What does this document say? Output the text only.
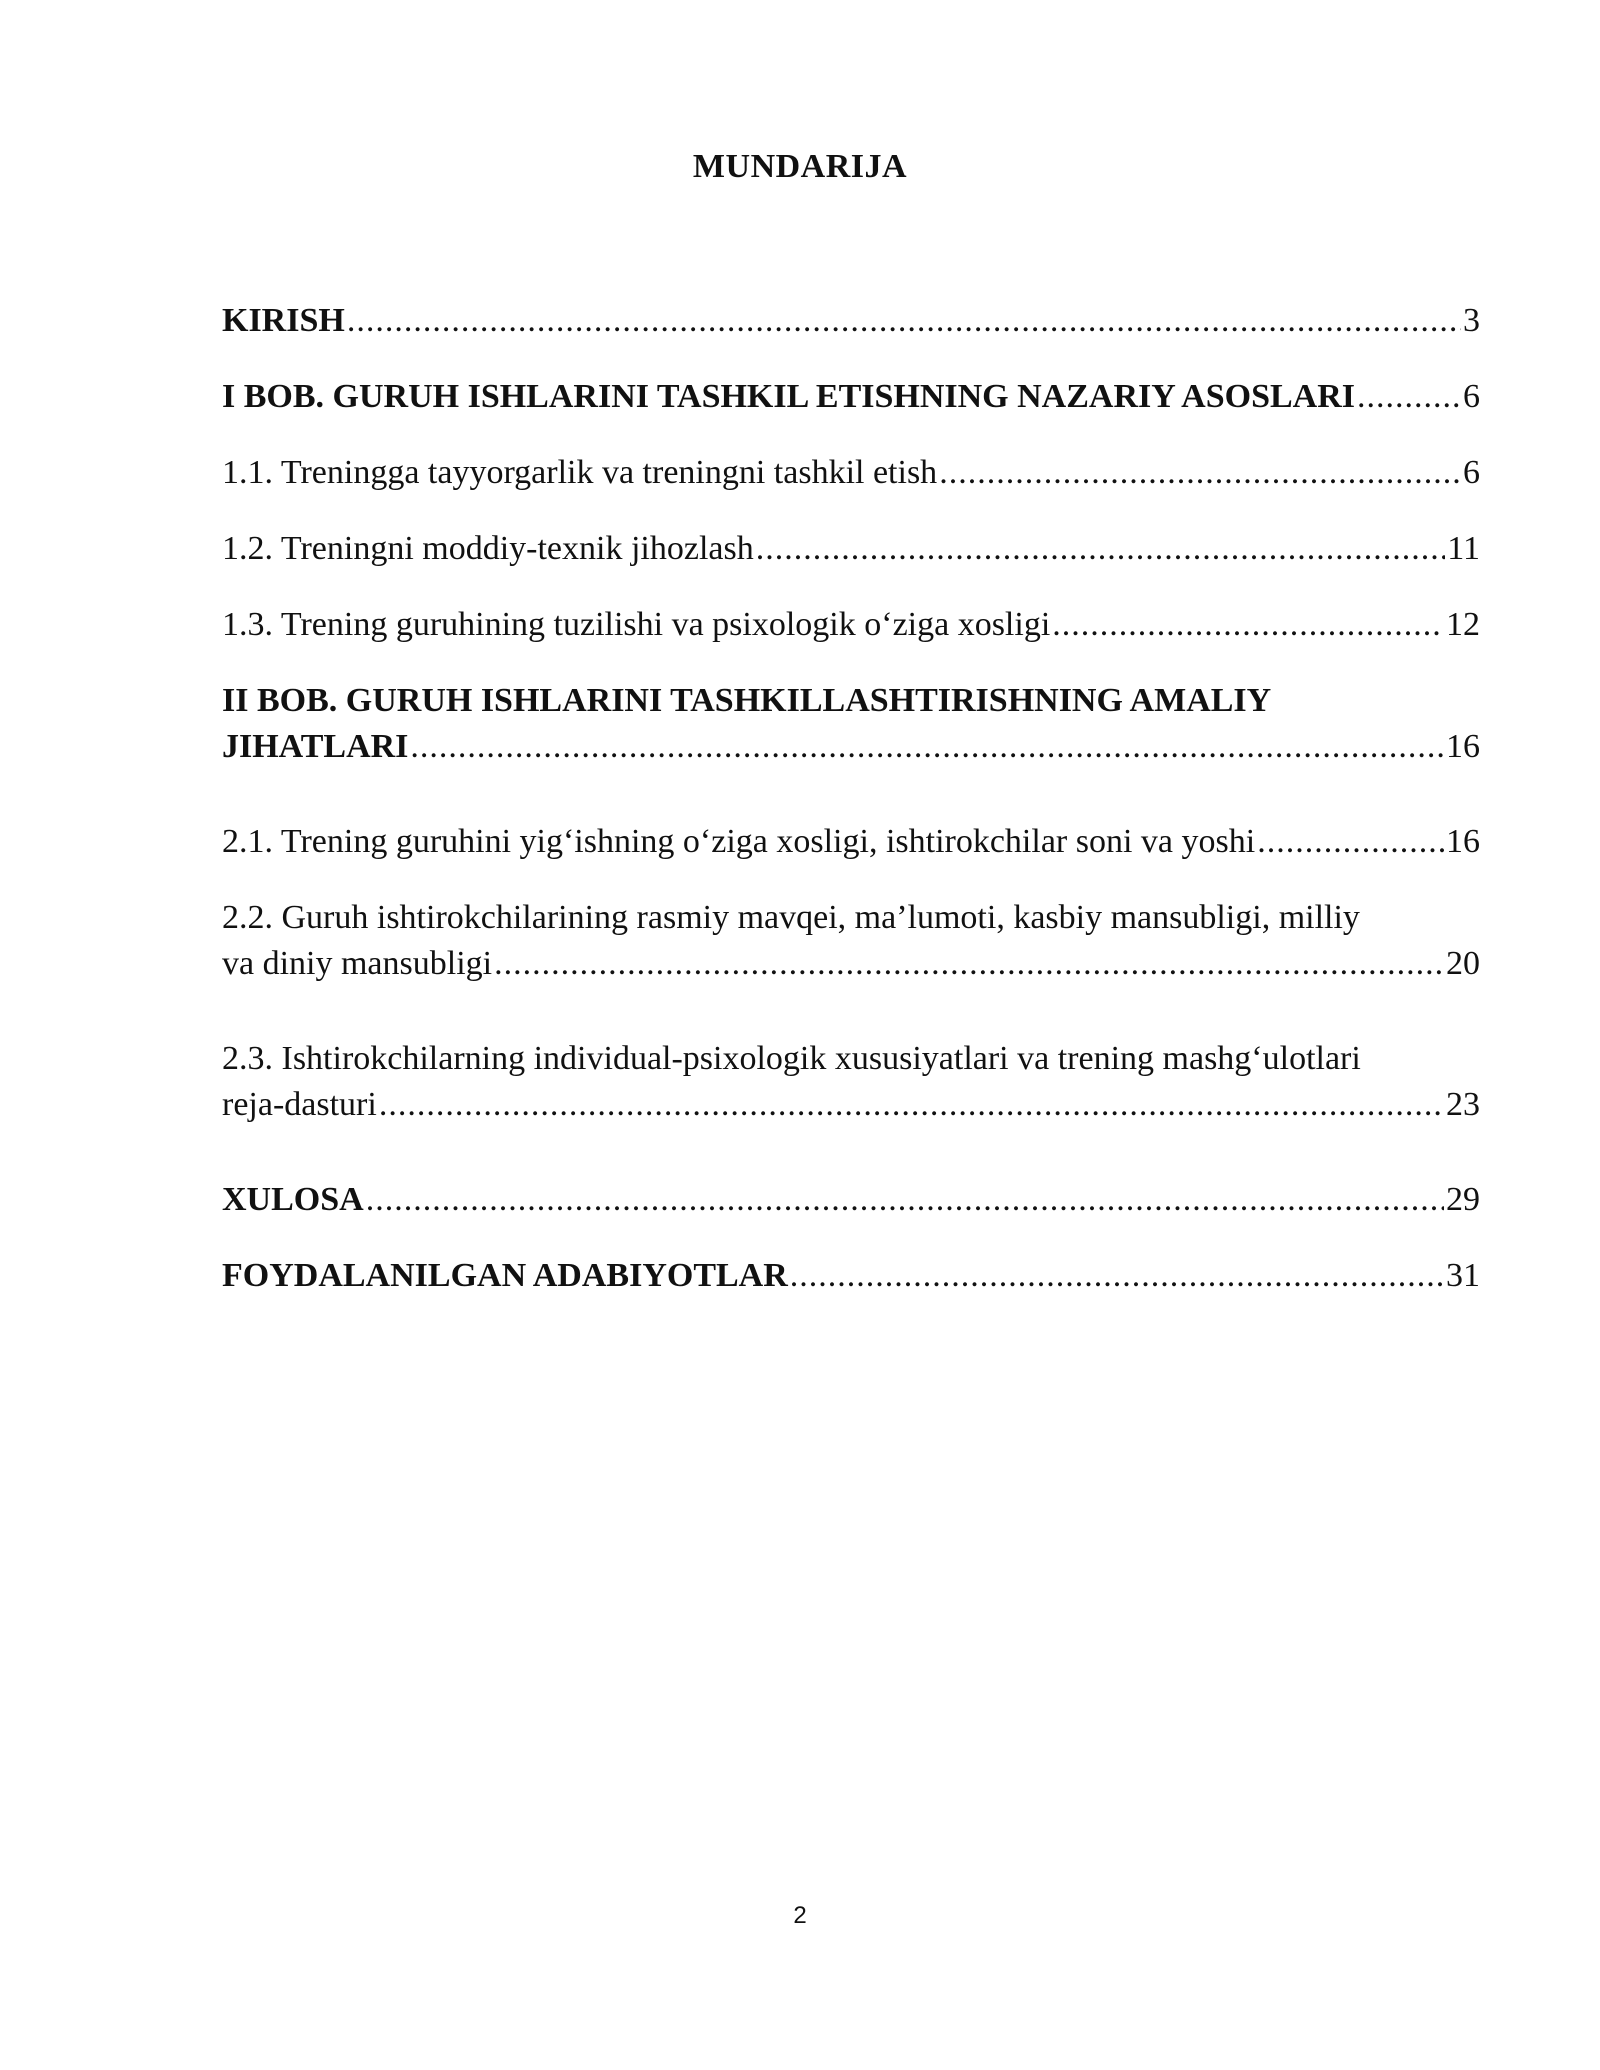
MUNDARIJA
KIRISH .....	3
I BOB. GURUH ISHLARINI TASHKIL ETISHNING NAZARIY ASOSLARI .....	6
1.1. Treningga tayyorgarlik va treningni tashkil etish .....	6
1.2. Treningni moddiy-texnik jihozlash .....	11
1.3. Trening guruhining tuzilishi va psixologik o‘ziga xosligi .....	12
II BOB. GURUH ISHLARINI TASHKILLASHTIRISHNING AMALIY
JIHATLARI .....	16
2.1. Trening guruhini yig‘ishning o‘ziga xosligi, ishtirokchilar soni va yoshi .....	16
2.2. Guruh ishtirokchilarining rasmiy mavqei, ma’lumoti, kasbiy mansubligi, milliy
va diniy mansubligi .....	20
2.3. Ishtirokchilarning individual-psixologik xususiyatlari va trening mashg‘ulotlari
reja-dasturi .....	23
XULOSA .....	29
FOYDALANILGAN ADABIYOTLAR .....	31
2
